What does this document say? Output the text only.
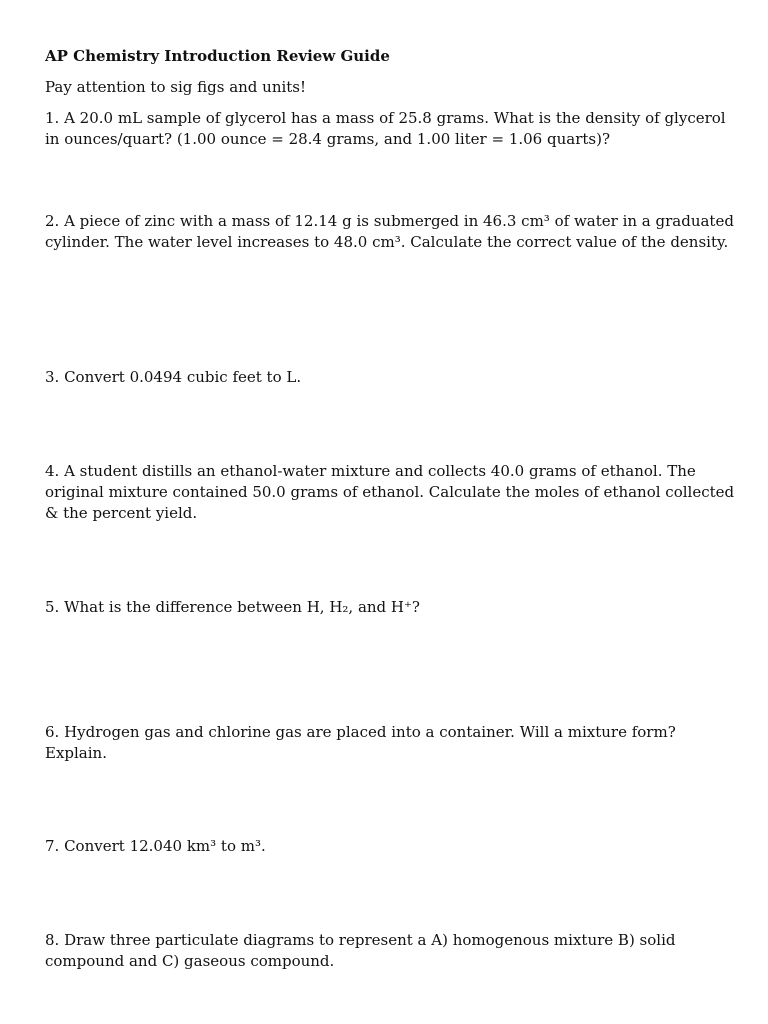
AP Chemistry Introduction Review Guide
Pay attention to sig figs and units!
1. A 20.0 mL sample of glycerol has a mass of 25.8 grams. What is the density of glycerol in ounces/quart? (1.00 ounce = 28.4 grams, and 1.00 liter = 1.06 quarts)?
2. A piece of zinc with a mass of 12.14 g is submerged in 46.3 cm³ of water in a graduated cylinder. The water level increases to 48.0 cm³. Calculate the correct value of the density.
3. Convert 0.0494 cubic feet to L.
4. A student distills an ethanol-water mixture and collects 40.0 grams of ethanol. The original mixture contained 50.0 grams of ethanol. Calculate the moles of ethanol collected & the percent yield.
5. What is the difference between H, H₂, and H⁺?
6. Hydrogen gas and chlorine gas are placed into a container. Will a mixture form? Explain.
7. Convert 12.040 km³ to m³.
8. Draw three particulate diagrams to represent a A) homogenous mixture B) solid compound and C) gaseous compound.
